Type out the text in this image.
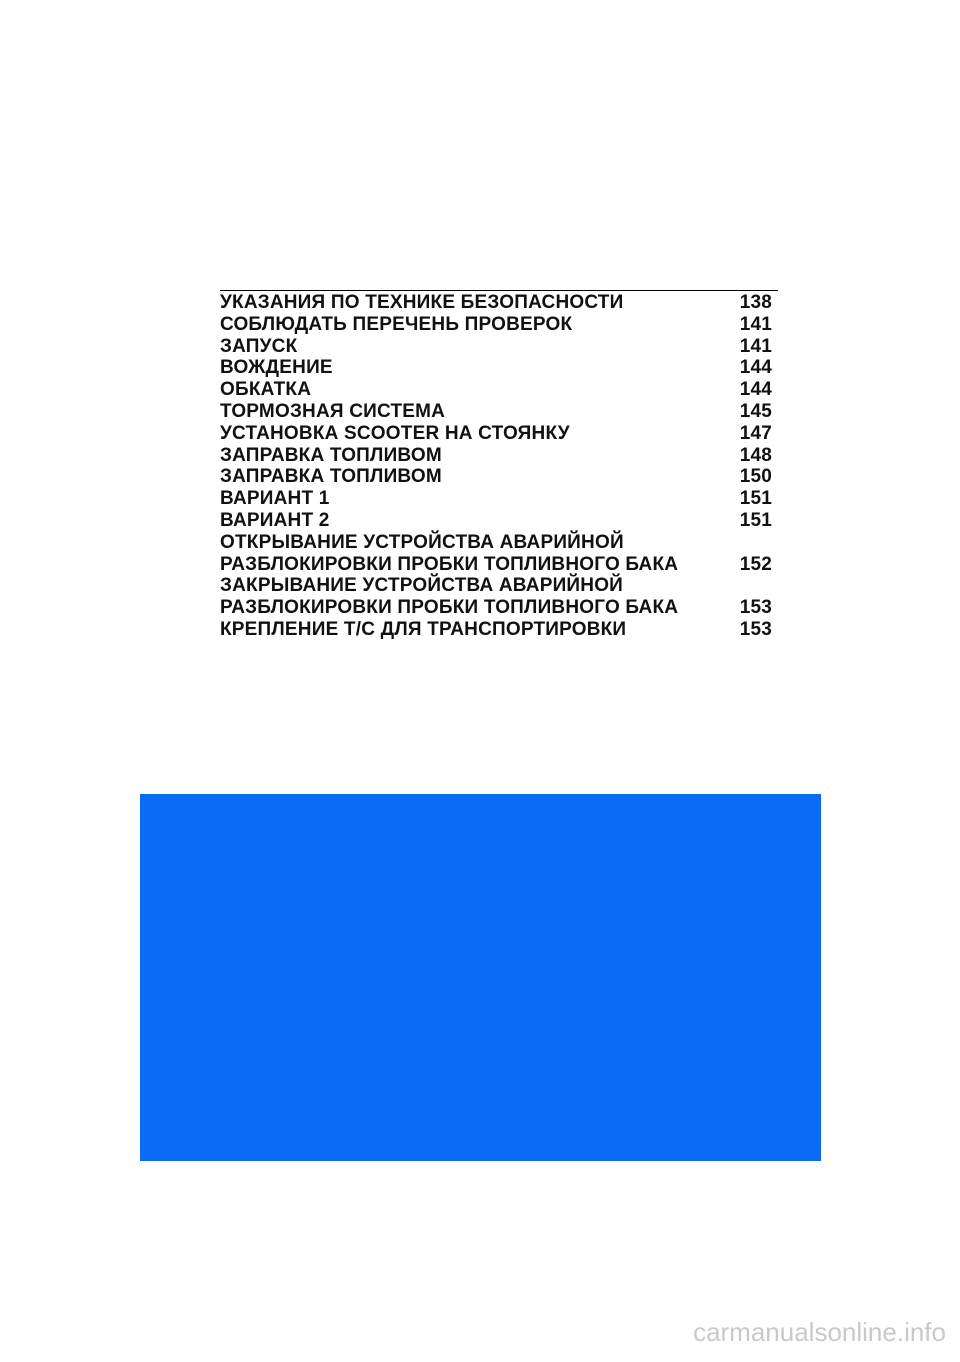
УКАЗАНИЯ ПО ТЕХНИКЕ БЕЗОПАСНОСТИ	138
СОБЛЮДАТЬ ПЕРЕЧЕНЬ ПРОВЕРОК	141
ЗАПУСК	141
ВОЖДЕНИЕ	144
ОБКАТКА	144
ТОРМОЗНАЯ СИСТЕМА	145
УСТАНОВКА SCOOTER НА СТОЯНКУ	147
ЗАПРАВКА ТОПЛИВОМ	148
ЗАПРАВКА ТОПЛИВОМ	150
ВАРИАНТ 1	151
ВАРИАНТ 2	151
ОТКРЫВАНИЕ УСТРОЙСТВА АВАРИЙНОЙ
РАЗБЛОКИРОВКИ ПРОБКИ ТОПЛИВНОГО БАКА	152
ЗАКРЫВАНИЕ УСТРОЙСТВА АВАРИЙНОЙ
РАЗБЛОКИРОВКИ ПРОБКИ ТОПЛИВНОГО БАКА	153
КРЕПЛЕНИЕ Т/С ДЛЯ ТРАНСПОРТИРОВКИ	153
carmanualsonline.info
